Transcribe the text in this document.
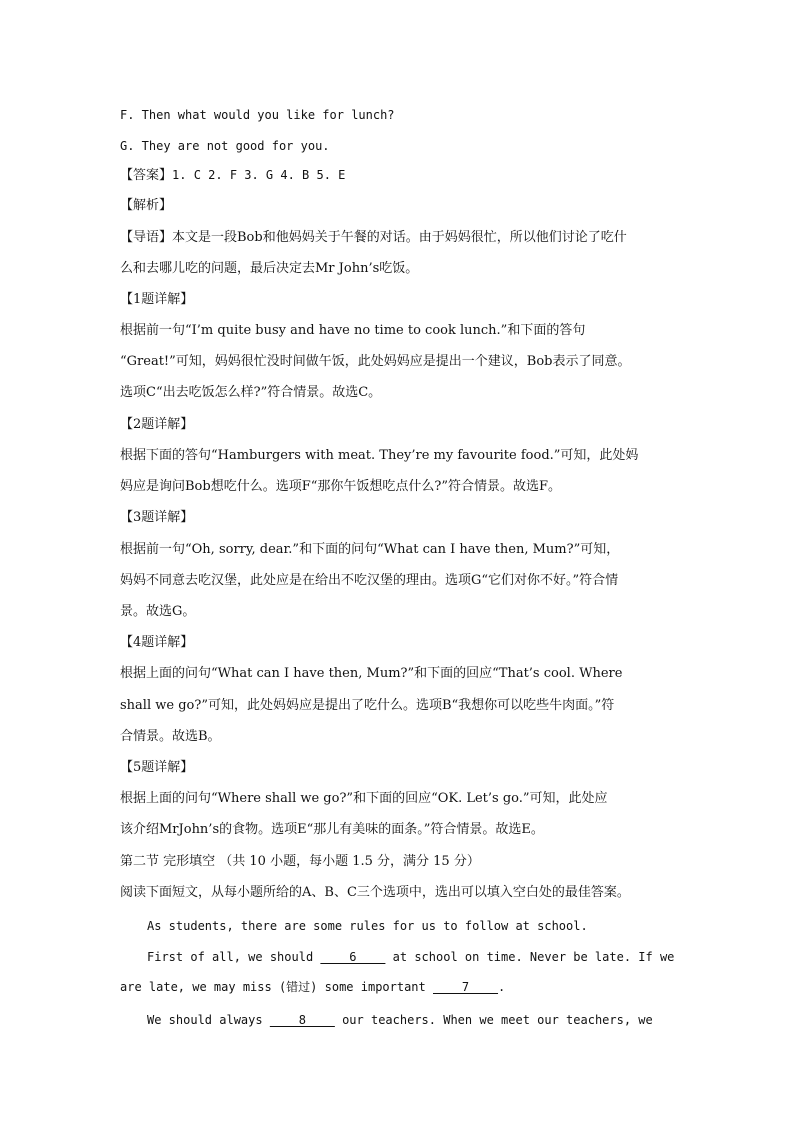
F. Then what would you like for lunch?

G. They are not good for you.

【答案】1. C 2. F 3. G 4. B 5. E

【解析】

【导语】本文是一段Bob和他妈妈关于午餐的对话。由于妈妈很忙，所以他们讨论了吃什

么和去哪儿吃的问题，最后决定去Mr John’s吃饭。

【1题详解】

根据前一句“I’m quite busy and have no time to cook lunch.”和下面的答句

“Great!”可知，妈妈很忙没时间做午饭，此处妈妈应是提出一个建议，Bob表示了同意。

选项C“出去吃饭怎么样?”符合情景。故选C。

【2题详解】

根据下面的答句“Hamburgers with meat. They’re my favourite food.”可知，此处妈

妈应是询问Bob想吃什么。选项F“那你午饭想吃点什么?”符合情景。故选F。

【3题详解】

根据前一句“Oh, sorry, dear.”和下面的问句“What can I have then, Mum?”可知，

妈妈不同意去吃汉堡，此处应是在给出不吃汉堡的理由。选项G“它们对你不好。”符合情

景。故选G。

【4题详解】

根据上面的问句“What can I have then, Mum?”和下面的回应“That’s cool. Where

shall we go?”可知，此处妈妈应是提出了吃什么。选项B“我想你可以吃些牛肉面。”符

合情景。故选B。

【5题详解】

根据上面的问句“Where shall we go?”和下面的回应“OK. Let’s go.”可知，此处应

该介绍MrJohn’s的食物。选项E“那儿有美味的面条。”符合情景。故选E。

第二节 完形填空 （共 10 小题，每小题 1.5 分，满分 15 分）

阅读下面短文，从每小题所给的A、B、C三个选项中，选出可以填入空白处的最佳答案。

As students, there are some rules for us to follow at school.

First of all, we should     6     at school on time. Never be late. If we

are late, we may miss (错过) some important     7    .

We should always     8     our teachers. When we meet our teachers, we
